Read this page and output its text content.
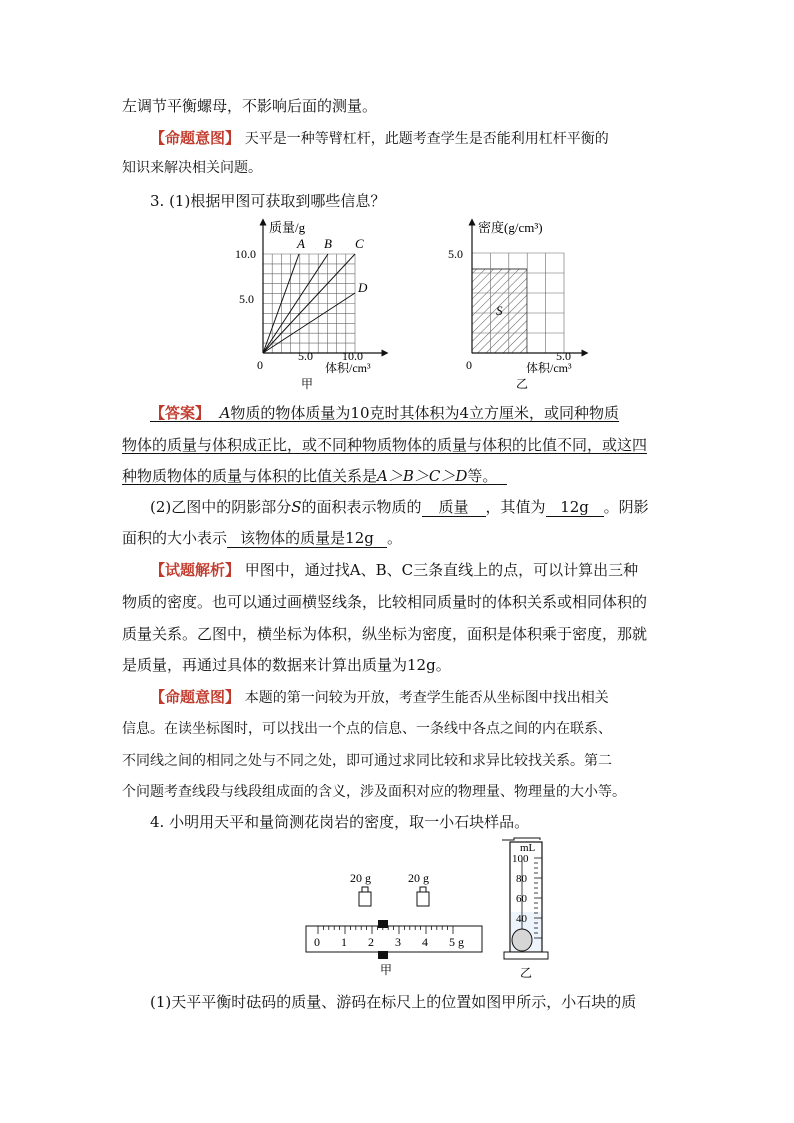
左调节平衡螺母，不影响后面的测量。
【命题意图】 天平是一种等臂杠杆，此题考查学生是否能利用杠杆平衡的
知识来解决相关问题。
3. (1)根据甲图可获取到哪些信息？
质量/g
10.0
5.0
0
5.0 10.0
体积/cm³
A B C
D
甲
密度(g/cm³)
5.0
0
5.0
体积/cm³
S
乙
【答案】 A物质的物体质量为10克时其体积为4立方厘米，或同种物质
物体的质量与体积成正比，或不同种物质物体的质量与体积的比值不同，或这四
种物质物体的质量与体积的比值关系是A＞B＞C＞D等。
(2)乙图中的阴影部分S的面积表示物质的 质量 ，其值为 12g 。阴影
面积的大小表示 该物体的质量是12g 。
【试题解析】 甲图中，通过找A、B、C三条直线上的点，可以计算出三种
物质的密度。也可以通过画横竖线条，比较相同质量时的体积关系或相同体积的
质量关系。乙图中，横坐标为体积，纵坐标为密度，面积是体积乘于密度，那就
是质量，再通过具体的数据来计算出质量为12g。
【命题意图】 本题的第一问较为开放，考查学生能否从坐标图中找出相关
信息。在读坐标图时，可以找出一个点的信息、一条线中各点之间的内在联系、
不同线之间的相同之处与不同之处，即可通过求同比较和求异比较找关系。第二
个问题考查线段与线段组成面的含义，涉及面积对应的物理量、物理量的大小等。
4. 小明用天平和量筒测花岗岩的密度，取一小石块样品。
20 g	20 g
0 1 2 3 4 5 g
甲
mL
100
80
60
40
乙
(1)天平平衡时砝码的质量、游码在标尺上的位置如图甲所示，小石块的质
